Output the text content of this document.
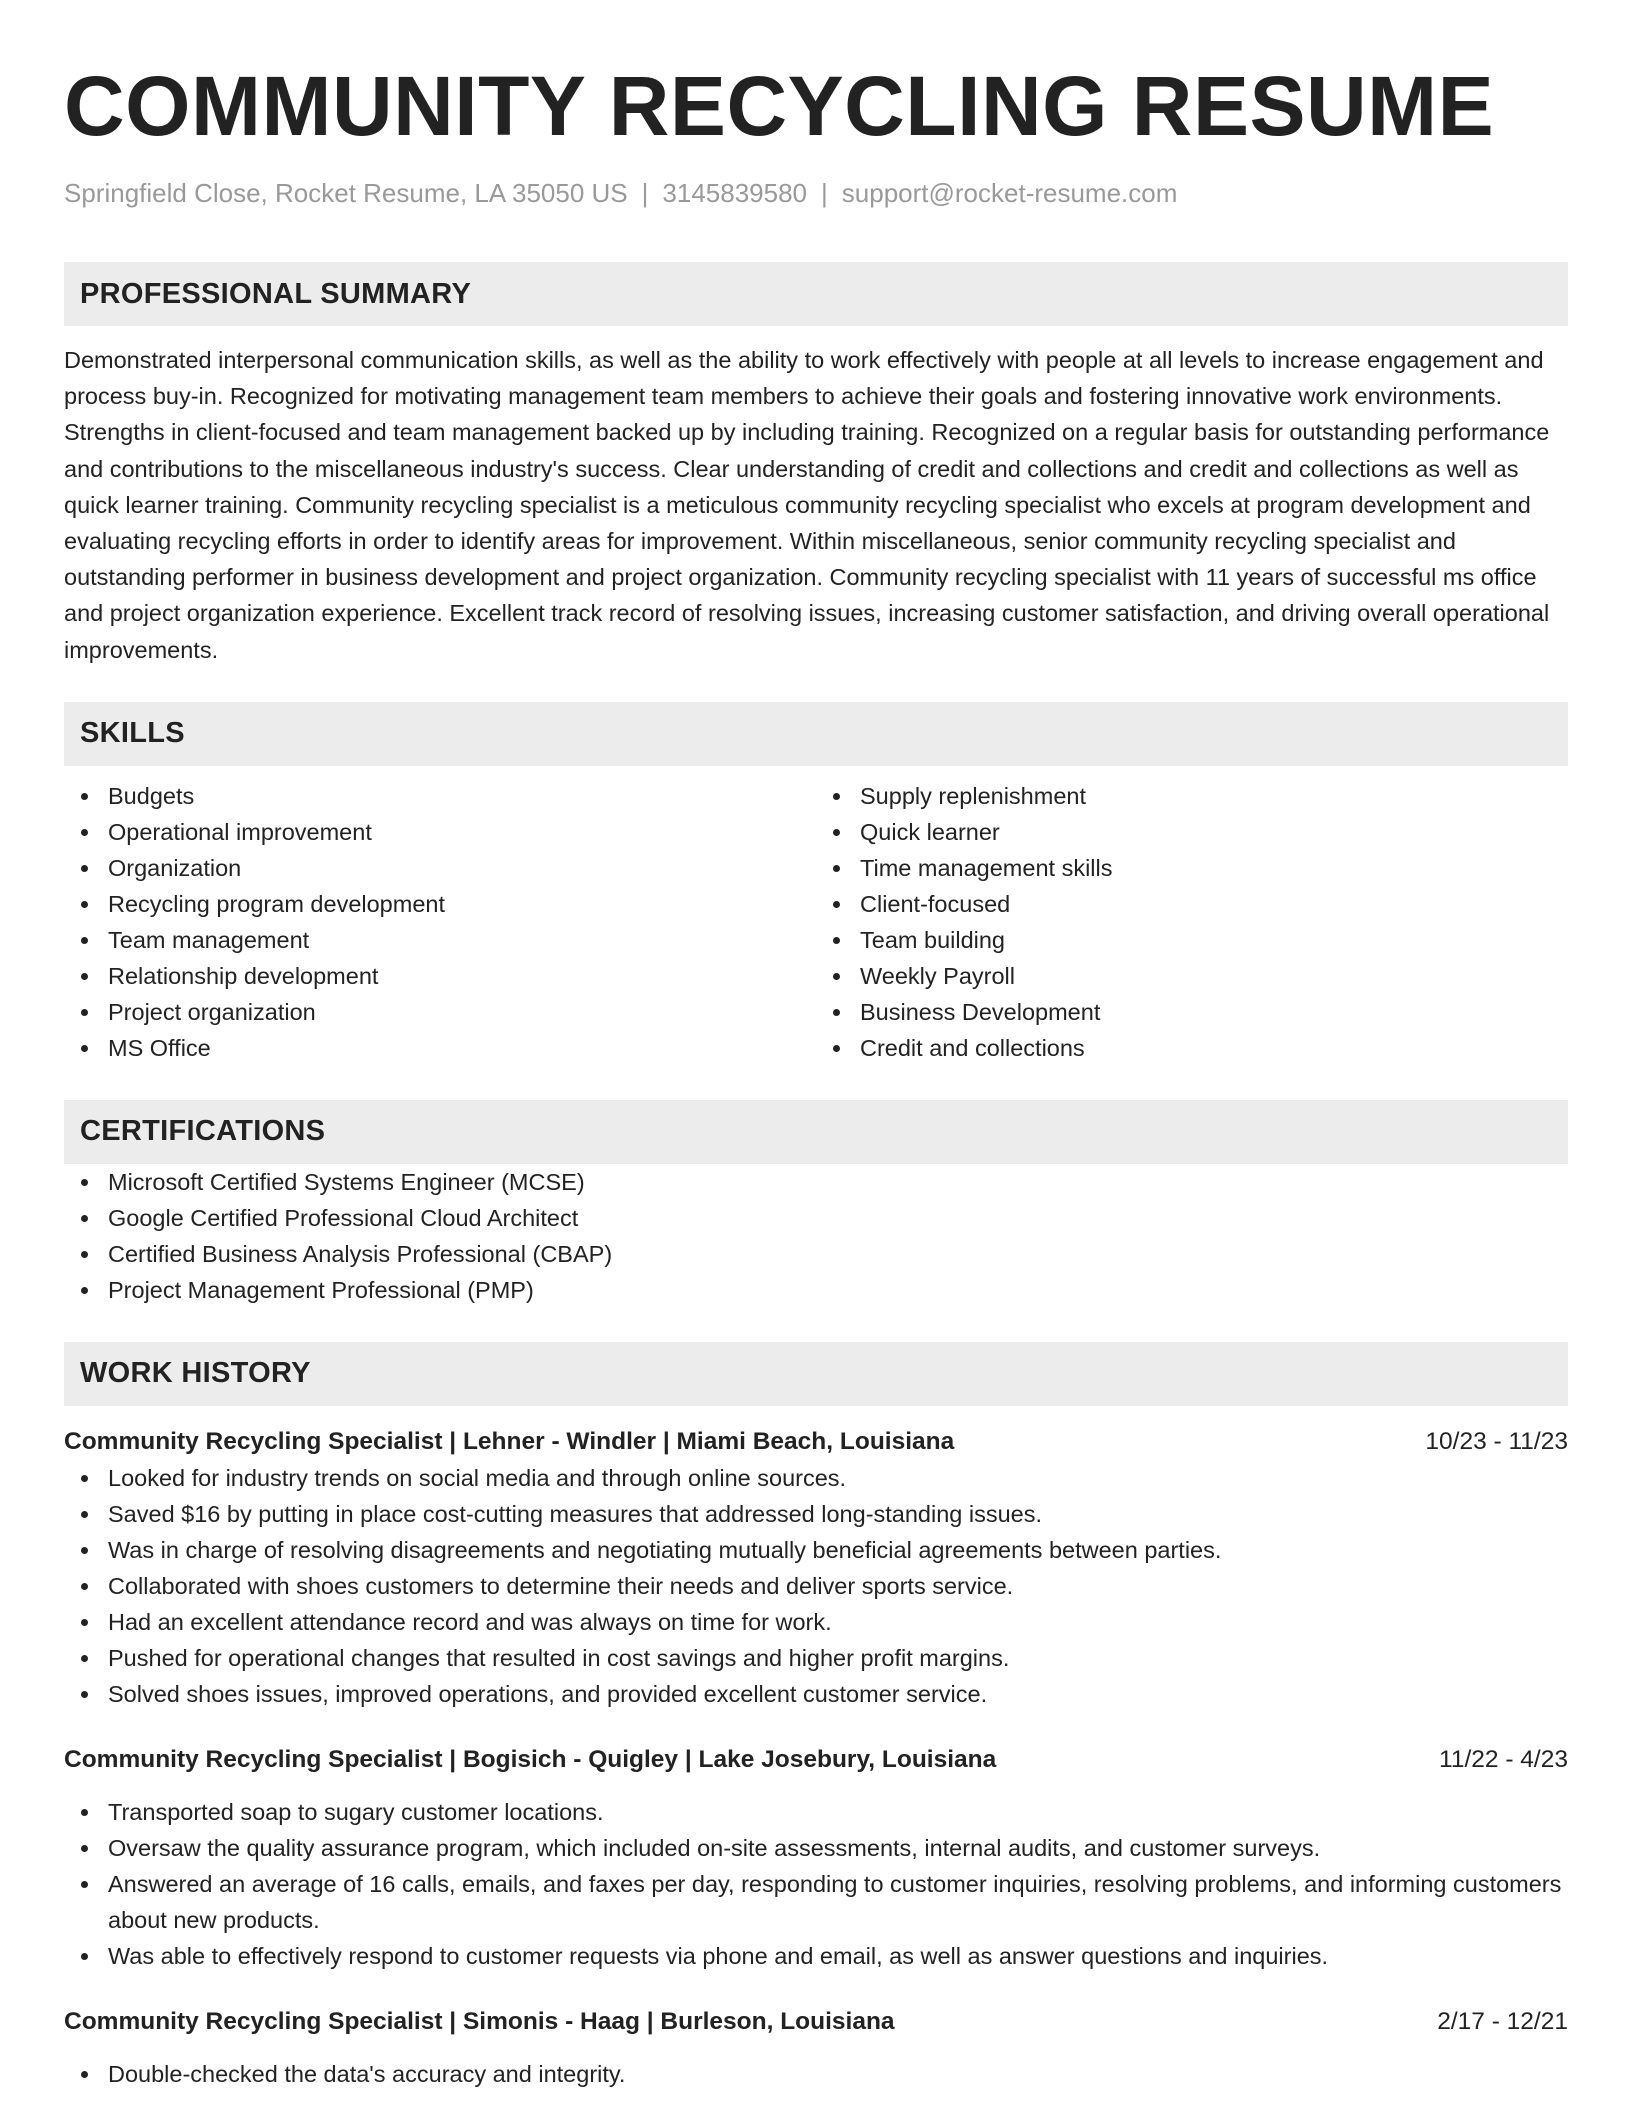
COMMUNITY RECYCLING RESUME
Springfield Close, Rocket Resume, LA 35050 US | 3145839580 | support@rocket-resume.com
PROFESSIONAL SUMMARY

Demonstrated interpersonal communication skills, as well as the ability to work effectively with people at all levels to increase engagement and process buy-in. Recognized for motivating management team members to achieve their goals and fostering innovative work environments. Strengths in client-focused and team management backed up by including training. Recognized on a regular basis for outstanding performance and contributions to the miscellaneous industry's success. Clear understanding of credit and collections and credit and collections as well as quick learner training. Community recycling specialist is a meticulous community recycling specialist who excels at program development and evaluating recycling efforts in order to identify areas for improvement. Within miscellaneous, senior community recycling specialist and outstanding performer in business development and project organization. Community recycling specialist with 11 years of successful ms office and project organization experience. Excellent track record of resolving issues, increasing customer satisfaction, and driving overall operational improvements.

SKILLS
Budgets
Operational improvement
Organization
Recycling program development
Team management
Relationship development
Project organization
MS Office
Supply replenishment
Quick learner
Time management skills
Client-focused
Team building
Weekly Payroll
Business Development
Credit and collections
CERTIFICATIONS
Microsoft Certified Systems Engineer (MCSE)
Google Certified Professional Cloud Architect
Certified Business Analysis Professional (CBAP)
Project Management Professional (PMP)
WORK HISTORY
Community Recycling Specialist | Lehner - Windler | Miami Beach, Louisiana	10/23 - 11/23
Looked for industry trends on social media and through online sources.
Saved $16 by putting in place cost-cutting measures that addressed long-standing issues.
Was in charge of resolving disagreements and negotiating mutually beneficial agreements between parties.
Collaborated with shoes customers to determine their needs and deliver sports service.
Had an excellent attendance record and was always on time for work.
Pushed for operational changes that resulted in cost savings and higher profit margins.
Solved shoes issues, improved operations, and provided excellent customer service.
Community Recycling Specialist | Bogisich - Quigley | Lake Josebury, Louisiana	11/22 - 4/23
Transported soap to sugary customer locations.
Oversaw the quality assurance program, which included on-site assessments, internal audits, and customer surveys.
Answered an average of 16 calls, emails, and faxes per day, responding to customer inquiries, resolving problems, and informing customers about new products.
Was able to effectively respond to customer requests via phone and email, as well as answer questions and inquiries.
Community Recycling Specialist | Simonis - Haag | Burleson, Louisiana	2/17 - 12/21
Double-checked the data's accuracy and integrity.
